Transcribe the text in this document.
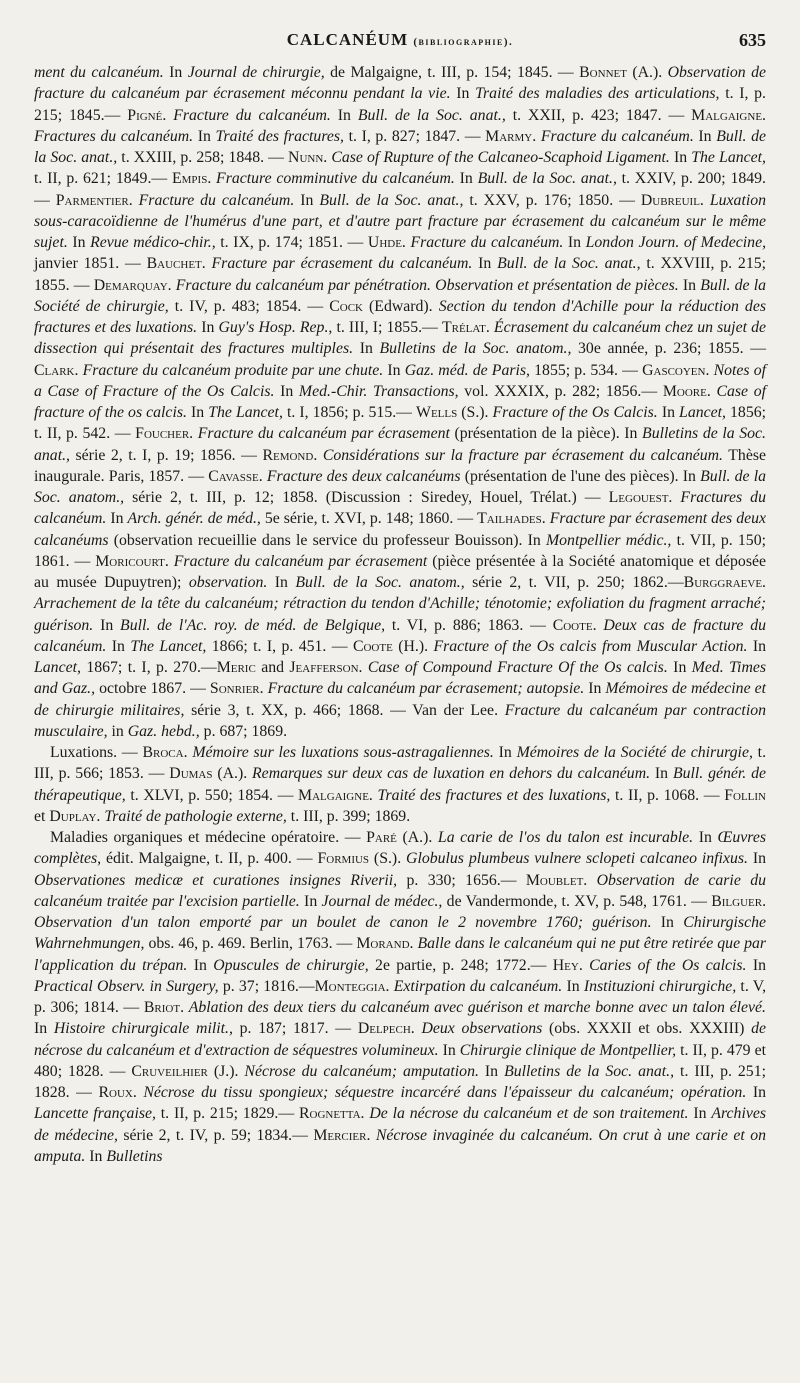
CALCANÉUM (bibliographie).	635

ment du calcanéum. In Journal de chirurgie, de Malgaigne, t. III, p. 154; 1845. — Bonnet (A.). Observation de fracture du calcanéum par écrasement méconnu pendant la vie. In Traité des maladies des articulations, t. I, p. 215; 1845.— Pigné. Fracture du calcanéum. In Bull. de la Soc. anat., t. XXII, p. 423; 1847. — Malgaigne. Fractures du calcanéum. In Traité des fractures, t. I, p. 827; 1847. — Marmy. Fracture du calcanéum. In Bull. de la Soc. anat., t. XXIII, p. 258; 1848. — Nunn. Case of Rupture of the Calcaneo-Scaphoid Ligament. In The Lancet, t. II, p. 621; 1849.— Empis. Fracture comminutive du calcanéum. In Bull. de la Soc. anat., t. XXIV, p. 200; 1849. — Parmentier. Fracture du calcanéum. In Bull. de la Soc. anat., t. XXV, p. 176; 1850. — Dubreuil. Luxation sous-caracoïdienne de l'humérus d'une part, et d'autre part fracture par écrasement du calcanéum sur le même sujet. In Revue médico-chir., t. IX, p. 174; 1851. — Uhde. Fracture du calcanéum. In London Journ. of Medecine, janvier 1851. — Bauchet. Fracture par écrasement du calcanéum. In Bull. de la Soc. anat., t. XXVIII, p. 215; 1855. — Demarquay. Fracture du calcanéum par pénétration. Observation et présentation de pièces. In Bull. de la Société de chirurgie, t. IV, p. 483; 1854. — Cock (Edward). Section du tendon d'Achille pour la réduction des fractures et des luxations. In Guy's Hosp. Rep., t. III, I; 1855.— Trélat. Écrasement du calcanéum chez un sujet de dissection qui présentait des fractures multiples. In Bulletins de la Soc. anatom., 30e année, p. 236; 1855. — Clark. Fracture du calcanéum produite par une chute. In Gaz. méd. de Paris, 1855; p. 534. — Gascoyen. Notes of a Case of Fracture of the Os Calcis. In Med.-Chir. Transactions, vol. XXXIX, p. 282; 1856.— Moore. Case of fracture of the os calcis. In The Lancet, t. I, 1856; p. 515.— Wells (S.). Fracture of the Os Calcis. In Lancet, 1856; t. II, p. 542. — Foucher. Fracture du calcanéum par écrasement (présentation de la pièce). In Bulletins de la Soc. anat., série 2, t. I, p. 19; 1856. — Remond. Considérations sur la fracture par écrasement du calcanéum. Thèse inaugurale. Paris, 1857. — Cavasse. Fracture des deux calcanéums (présentation de l'une des pièces). In Bull. de la Soc. anatom., série 2, t. III, p. 12; 1858. (Discussion : Siredey, Houel, Trélat.) — Legouest. Fractures du calcanéum. In Arch. génér. de méd., 5e série, t. XVI, p. 148; 1860. — Tailhades. Fracture par écrasement des deux calcanéums (observation recueillie dans le service du professeur Bouisson). In Montpellier médic., t. VII, p. 150; 1861. — Moricourt. Fracture du calcanéum par écrasement (pièce présentée à la Société anatomique et déposée au musée Dupuytren); observation. In Bull. de la Soc. anatom., série 2, t. VII, p. 250; 1862.—Burggraeve. Arrachement de la tête du calcanéum; rétraction du tendon d'Achille; ténotomie; exfoliation du fragment arraché; guérison. In Bull. de l'Ac. roy. de méd. de Belgique, t. VI, p. 886; 1863. — Coote. Deux cas de fracture du calcanéum. In The Lancet, 1866; t. I, p. 451. — Coote (H.). Fracture of the Os calcis from Muscular Action. In Lancet, 1867; t. I, p. 270.—Meric and Jeafferson. Case of Compound Fracture Of the Os calcis. In Med. Times and Gaz., octobre 1867. — Sonrier. Fracture du calcanéum par écrasement; autopsie. In Mémoires de médecine et de chirurgie militaires, série 3, t. XX, p. 466; 1868. — Van der Lee. Fracture du calcanéum par contraction musculaire, in Gaz. hebd., p. 687; 1869.

Luxations. — Broca. Mémoire sur les luxations sous-astragaliennes. In Mémoires de la Société de chirurgie, t. III, p. 566; 1853. — Dumas (A.). Remarques sur deux cas de luxation en dehors du calcanéum. In Bull. génér. de thérapeutique, t. XLVI, p. 550; 1854. — Malgaigne. Traité des fractures et des luxations, t. II, p. 1068. — Follin et Duplay. Traité de pathologie externe, t. III, p. 399; 1869.

Maladies organiques et médecine opératoire. — Paré (A.). La carie de l'os du talon est incurable. In Œuvres complètes, édit. Malgaigne, t. II, p. 400. — Formius (S.). Globulus plumbeus vulnere sclopeti calcaneo infixus. In Observationes medicæ et curationes insignes Riverii, p. 330; 1656.— Moublet. Observation de carie du calcanéum traitée par l'excision partielle. In Journal de médec., de Vandermonde, t. XV, p. 548, 1761. — Bilguer. Observation d'un talon emporté par un boulet de canon le 2 novembre 1760; guérison. In Chirurgische Wahrnehmungen, obs. 46, p. 469. Berlin, 1763. — Morand. Balle dans le calcanéum qui ne put être retirée que par l'application du trépan. In Opuscules de chirurgie, 2e partie, p. 248; 1772.— Hey. Caries of the Os calcis. In Practical Observ. in Surgery, p. 37; 1816.—Monteggia. Extirpation du calcanéum. In Instituzioni chirurgiche, t. V, p. 306; 1814. — Briot. Ablation des deux tiers du calcanéum avec guérison et marche bonne avec un talon élevé. In Histoire chirurgicale milit., p. 187; 1817. — Delpech. Deux observations (obs. XXXII et obs. XXXIII) de nécrose du calcanéum et d'extraction de séquestres volumineux. In Chirurgie clinique de Montpellier, t. II, p. 479 et 480; 1828. — Cruveilhier (J.). Nécrose du calcanéum; amputation. In Bulletins de la Soc. anat., t. III, p. 251; 1828. — Roux. Nécrose du tissu spongieux; séquestre incarcéré dans l'épaisseur du calcanéum; opération. In Lancette française, t. II, p. 215; 1829.— Rognetta. De la nécrose du calcanéum et de son traitement. In Archives de médecine, série 2, t. IV, p. 59; 1834.— Mercier. Nécrose invaginée du calcanéum. On crut à une carie et on amputa. In Bulletins
